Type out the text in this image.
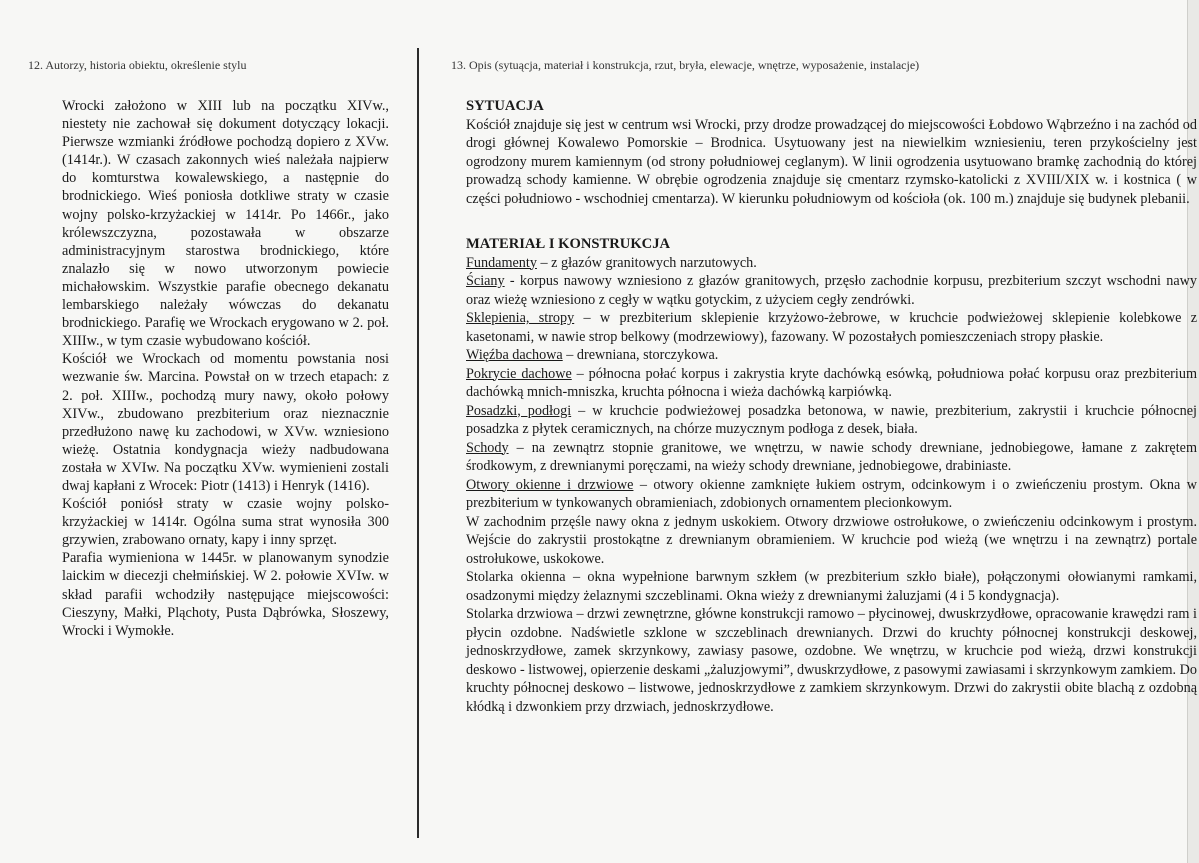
12. Autorzy, historia obiektu, określenie stylu	13. Opis (sytuącja, materiał i konstrukcja, rzut, bryła, elewacje, wnętrze, wyposażenie, instalacje)

Wrocki założono w XIII lub na początku XIVw., niestety nie zachował się dokument dotyczący lokacji. Pierwsze wzmianki źródłowe pochodzą dopiero z XVw. (1414r.). W czasach zakonnych wieś należała najpierw do komturstwa kowalewskiego, a następnie do brodnickiego. Wieś poniosła dotkliwe straty w czasie wojny polsko-krzyżackiej w 1414r. Po 1466r., jako królewszczyzna, pozostawała w obszarze administracyjnym starostwa brodnickiego, które znalazło się w nowo utworzonym powiecie michałowskim. Wszystkie parafie obecnego dekanatu lembarskiego należały wówczas do dekanatu brodnickiego. Parafię we Wrockach erygowano w 2. poł. XIIIw., w tym czasie wybudowano kościół.

Kościół we Wrockach od momentu powstania nosi wezwanie św. Marcina. Powstał on w trzech etapach: z 2. poł. XIIIw., pochodzą mury nawy, około połowy XIVw., zbudowano prezbiterium oraz nieznacznie przedłużono nawę ku zachodowi, w XVw. wzniesiono wieżę. Ostatnia kondygnacja wieży nadbudowana została w XVIw. Na początku XVw. wymienieni zostali dwaj kapłani z Wrocek: Piotr (1413) i Henryk (1416).

Kościół poniósł straty w czasie wojny polsko-krzyżackiej w 1414r. Ogólna suma strat wynosiła 300 grzywien, zrabowano ornaty, kapy i inny sprzęt.

Parafia wymieniona w 1445r. w planowanym synodzie laickim w diecezji chełmińskiej. W 2. połowie XVIw. w skład parafii wchodziły następujące miejscowości: Cieszyny, Małki, Pląchoty, Pusta Dąbrówka, Słoszewy, Wrocki i Wymokłe.

SYTUACJA

Kościół znajduje się jest w centrum wsi Wrocki, przy drodze prowadzącej do miejscowości Łobdowo Wąbrzeźno i na zachód od drogi głównej Kowalewo Pomorskie – Brodnica. Usytuowany jest na niewielkim wzniesieniu, teren przykościelny jest ogrodzony murem kamiennym (od strony południowej ceglanym). W linii ogrodzenia usytuowano bramkę zachodnią do której prowadzą schody kamienne. W obrębie ogrodzenia znajduje się cmentarz rzymsko-katolicki z XVIII/XIX w. i kostnica ( w części południowo - wschodniej cmentarza). W kierunku południowym od kościoła (ok. 100 m.) znajduje się budynek plebanii.

MATERIAŁ I KONSTRUKCJA

Fundamenty – z głazów granitowych narzutowych.

Ściany - korpus nawowy wzniesiono z głazów granitowych, przęsło zachodnie korpusu, prezbiterium szczyt wschodni nawy oraz wieżę wzniesiono z cegły w wątku gotyckim, z użyciem cegły zendrówki.

Sklepienia, stropy – w prezbiterium sklepienie krzyżowo-żebrowe, w kruchcie podwieżowej sklepienie kolebkowe z kasetonami, w nawie strop belkowy (modrzewiowy), fazowany. W pozostałych pomieszczeniach stropy płaskie.

Więźba dachowa – drewniana, storczykowa.

Pokrycie dachowe – północna połać korpus i zakrystia kryte dachówką esówką, południowa połać korpusu oraz prezbiterium dachówką mnich-mniszka, kruchta północna i wieża dachówką karpiówką.

Posadzki, podłogi – w kruchcie podwieżowej posadzka betonowa, w nawie, prezbiterium, zakrystii i kruchcie północnej posadzka z płytek ceramicznych, na chórze muzycznym podłoga z desek, biała.

Schody – na zewnątrz stopnie granitowe, we wnętrzu, w nawie schody drewniane, jednobiegowe, łamane z zakrętem środkowym, z drewnianymi poręczami, na wieży schody drewniane, jednobiegowe, drabiniaste.

Otwory okienne i drzwiowe – otwory okienne zamknięte łukiem ostrym, odcinkowym i o zwieńczeniu prostym. Okna w prezbiterium w tynkowanych obramieniach, zdobionych ornamentem plecionkowym.

W zachodnim przęśle nawy okna z jednym uskokiem. Otwory drzwiowe ostrołukowe, o zwieńczeniu odcinkowym i prostym. Wejście do zakrystii prostokątne z drewnianym obramieniem. W kruchcie pod wieżą (we wnętrzu i na zewnątrz) portale ostrołukowe, uskokowe.

Stolarka okienna – okna wypełnione barwnym szkłem (w prezbiterium szkło białe), połączonymi ołowianymi ramkami, osadzonymi między żelaznymi szczeblinami. Okna wieży z drewnianymi żaluzjami (4 i 5 kondygnacja).

Stolarka drzwiowa – drzwi zewnętrzne, główne konstrukcji ramowo – płycinowej, dwuskrzydłowe, opracowanie krawędzi ram i płycin ozdobne. Nadświetle szklone w szczeblinach drewnianych. Drzwi do kruchty północnej konstrukcji deskowej, jednoskrzydłowe, zamek skrzynkowy, zawiasy pasowe, ozdobne. We wnętrzu, w kruchcie pod wieżą, drzwi konstrukcji deskowo - listwowej, opierzenie deskami „żaluzjowymi”, dwuskrzydłowe, z pasowymi zawiasami i skrzynkowym zamkiem. Do kruchty północnej deskowo – listwowe, jednoskrzydłowe z zamkiem skrzynkowym. Drzwi do zakrystii obite blachą z ozdobną kłódką i dzwonkiem przy drzwiach, jednoskrzydłowe.
